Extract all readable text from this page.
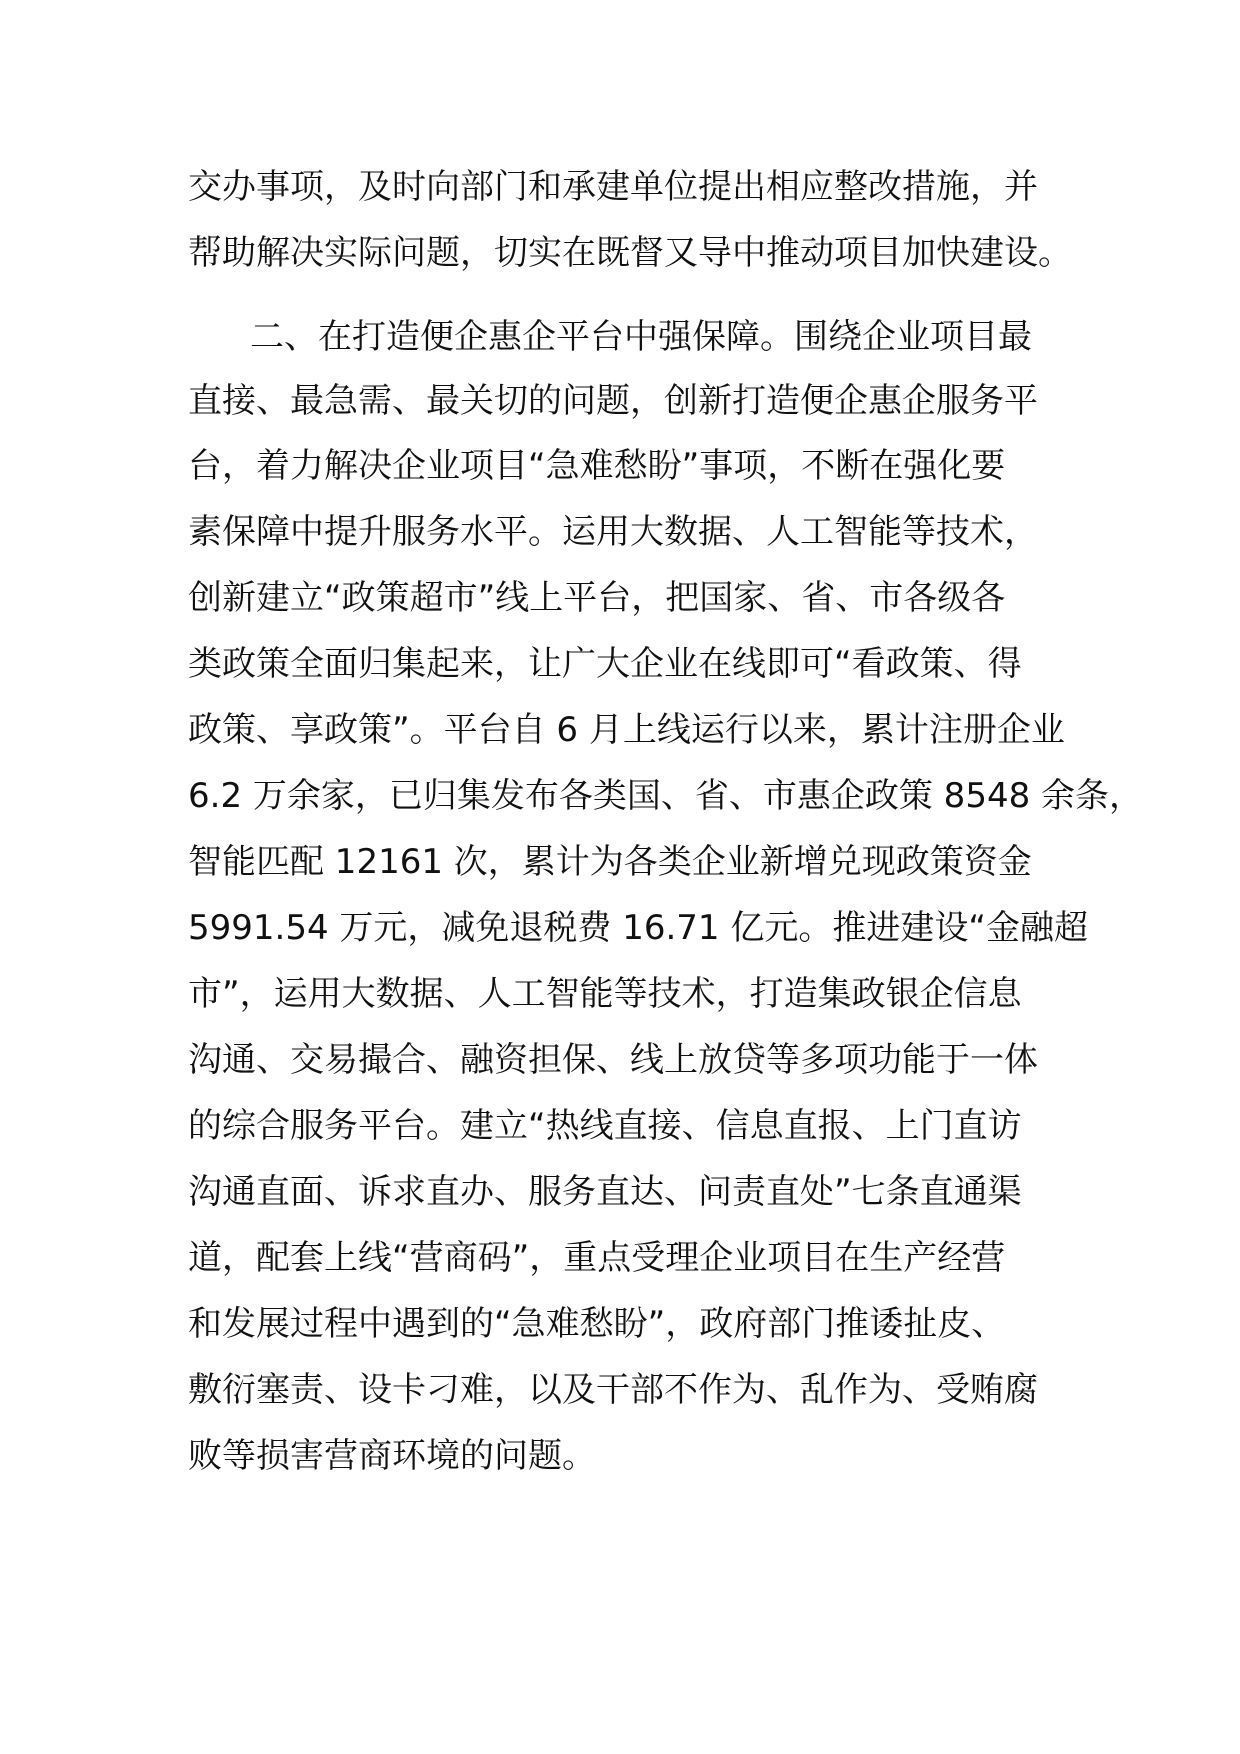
交办事项，及时向部门和承建单位提出相应整改措施，并
帮助解决实际问题，切实在既督又导中推动项目加快建设。
二、在打造便企惠企平台中强保障。围绕企业项目最
直接、最急需、最关切的问题，创新打造便企惠企服务平
台，着力解决企业项目“急难愁盼”事项，不断在强化要
素保障中提升服务水平。运用大数据、人工智能等技术，
创新建立“政策超市”线上平台，把国家、省、市各级各
类政策全面归集起来，让广大企业在线即可“看政策、得
政策、享政策”。平台自 6 月上线运行以来，累计注册企业
6.2 万余家，已归集发布各类国、省、市惠企政策 8548 余条，
智能匹配 12161 次，累计为各类企业新增兑现政策资金
5991.54 万元，减免退税费 16.71 亿元。推进建设“金融超
市”，运用大数据、人工智能等技术，打造集政银企信息
沟通、交易撮合、融资担保、线上放贷等多项功能于一体
的综合服务平台。建立“热线直接、信息直报、上门直访
沟通直面、诉求直办、服务直达、问责直处”七条直通渠
道，配套上线“营商码”，重点受理企业项目在生产经营
和发展过程中遇到的“急难愁盼”，政府部门推诿扯皮、
敷衍塞责、设卡刁难，以及干部不作为、乱作为、受贿腐
败等损害营商环境的问题。
